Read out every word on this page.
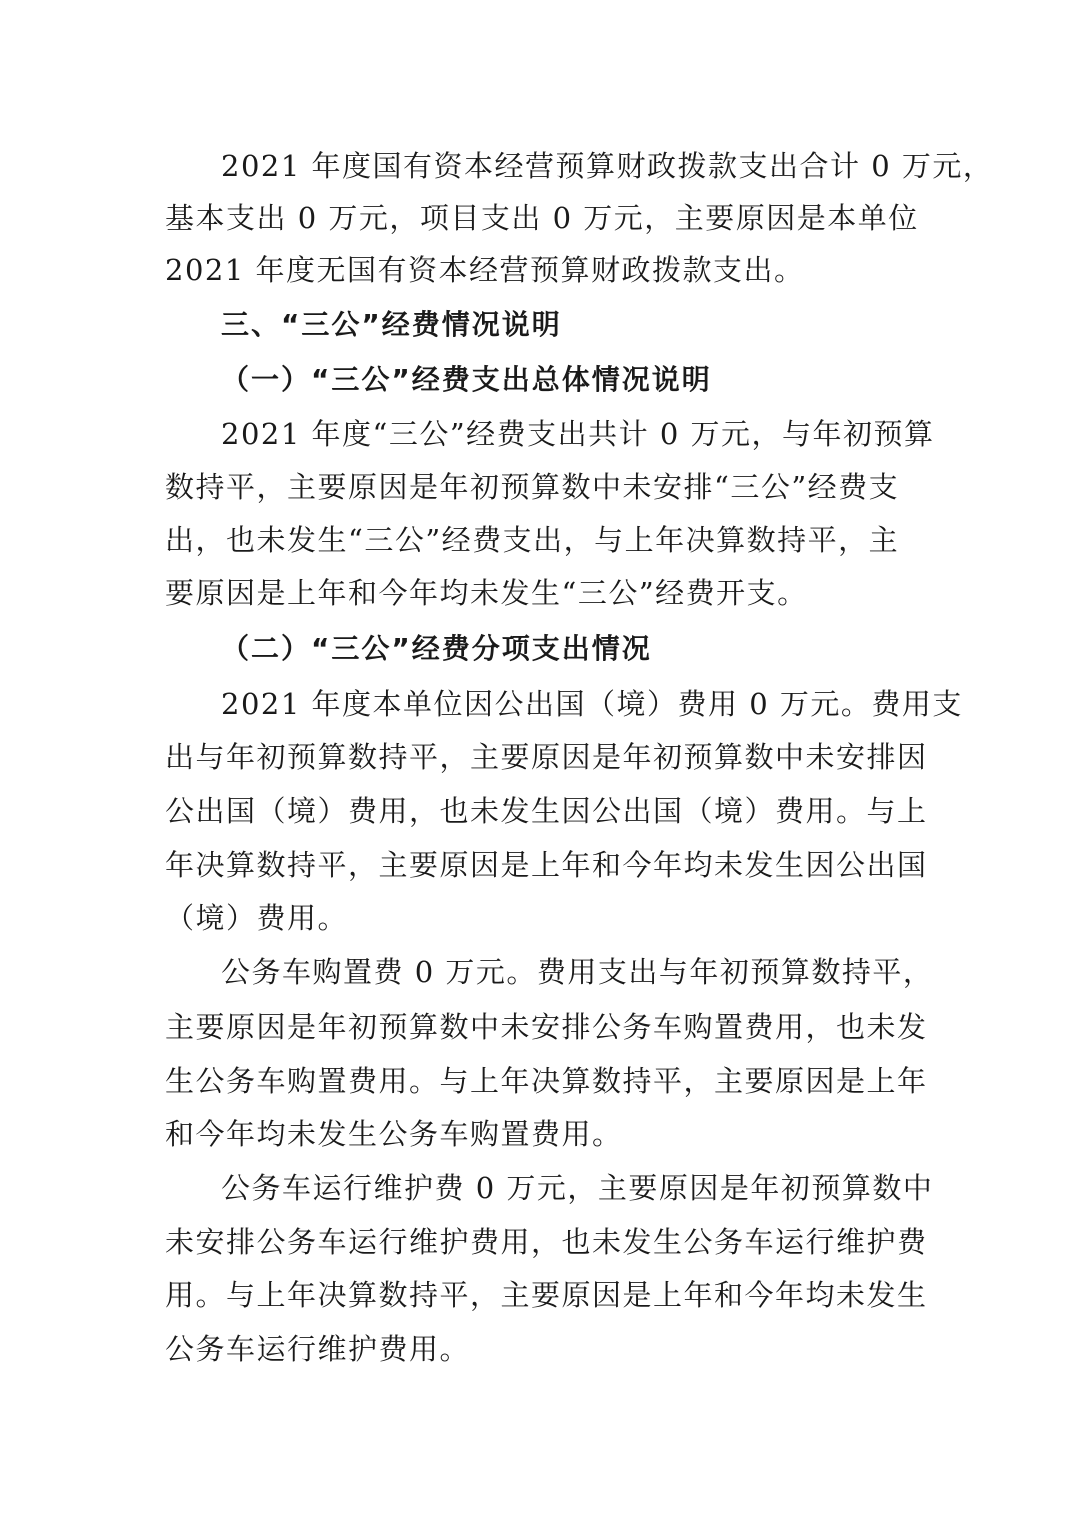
2021 年度国有资本经营预算财政拨款支出合计 0 万元，
基本支出 0 万元，项目支出 0 万元，主要原因是本单位
2021 年度无国有资本经营预算财政拨款支出。
三、“三公”经费情况说明
（一）“三公”经费支出总体情况说明
2021 年度“三公”经费支出共计 0 万元，与年初预算
数持平，主要原因是年初预算数中未安排“三公”经费支
出，也未发生“三公”经费支出，与上年决算数持平，主
要原因是上年和今年均未发生“三公”经费开支。
（二）“三公”经费分项支出情况
2021 年度本单位因公出国（境）费用 0 万元。费用支
出与年初预算数持平，主要原因是年初预算数中未安排因
公出国（境）费用，也未发生因公出国（境）费用。与上
年决算数持平，主要原因是上年和今年均未发生因公出国
（境）费用。
公务车购置费 0 万元。费用支出与年初预算数持平，
主要原因是年初预算数中未安排公务车购置费用，也未发
生公务车购置费用。与上年决算数持平，主要原因是上年
和今年均未发生公务车购置费用。
公务车运行维护费 0 万元，主要原因是年初预算数中
未安排公务车运行维护费用，也未发生公务车运行维护费
用。与上年决算数持平，主要原因是上年和今年均未发生
公务车运行维护费用。
